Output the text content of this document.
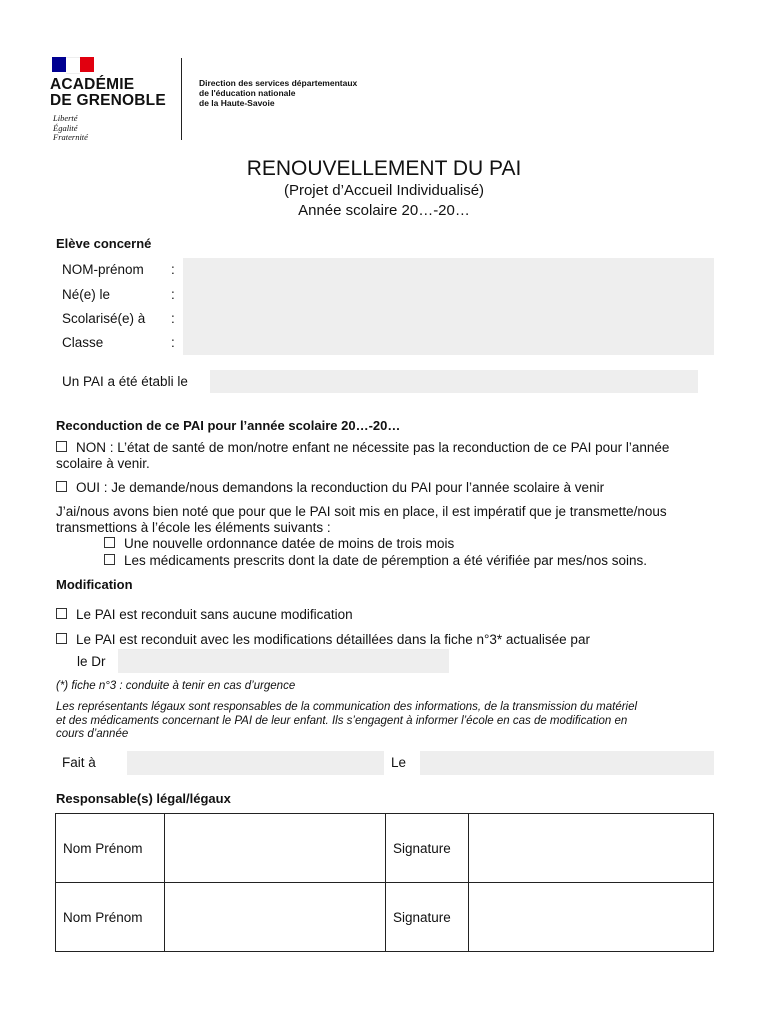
ACADÉMIE
DE GRENOBLE
Liberté
Égalité
Fraternité
Direction des services départementaux
de l'éducation nationale
de la Haute-Savoie
RENOUVELLEMENT DU PAI
(Projet d’Accueil Individualisé)
Année scolaire 20…-20…
Elève concerné
NOM-prénom :
Né(e) le	:
Scolarisé(e) à :
Classe	:
Un PAI a été établi le
Reconduction de ce PAI pour l’année scolaire 20…-20…
NON : L’état de santé de mon/notre enfant ne nécessite pas la reconduction de ce PAI pour l’année
scolaire à venir.
OUI : Je demande/nous demandons la reconduction du PAI pour l’année scolaire à venir
J’ai/nous avons bien noté que pour que le PAI soit mis en place, il est impératif que je transmette/nous
transmettions à l’école les éléments suivants :
Une nouvelle ordonnance datée de moins de trois mois
Les médicaments prescrits dont la date de péremption a été vérifiée par mes/nos soins.
Modification
Le PAI est reconduit sans aucune modification
Le PAI est reconduit avec les modifications détaillées dans la fiche n°3* actualisée par
le Dr
(*) fiche n°3 : conduite à tenir en cas d’urgence
Les représentants légaux sont responsables de la communication des informations, de la transmission du matériel
et des médicaments concernant le PAI de leur enfant. Ils s’engagent à informer l’école en cas de modification en
cours d’année
Fait à	Le
Responsable(s) légal/légaux
Nom Prénom		Signature	
Nom Prénom		Signature	
